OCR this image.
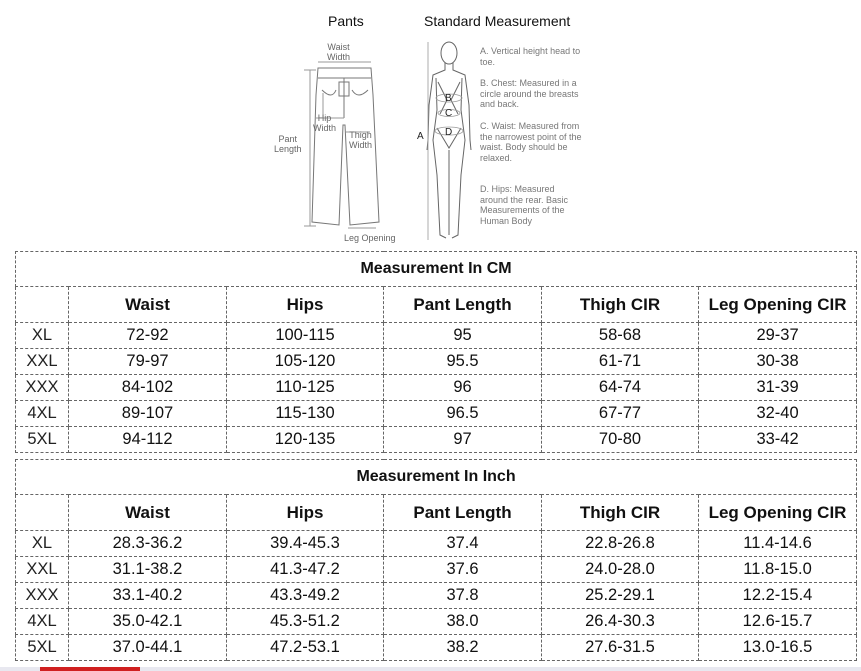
Pants	Standard Measurement
Waist
Width
Hip
Width
Pant
Length
Thigh
Width
Leg Opening
A
B
C
D
A. Vertical height head to toe.
B. Chest: Measured in a circle around the breasts and back.
C. Waist: Measured from the narrowest point of the waist. Body should be relaxed.
D. Hips: Measured around the rear. Basic Measurements of the Human Body
Measurement In CM					
	Waist	Hips	Pant Length	Thigh CIR	Leg Opening CIR
XL	72-92	100-115	95	58-68	29-37
XXL	79-97	105-120	95.5	61-71	30-38
XXX	84-102	110-125	96	64-74	31-39
4XL	89-107	115-130	96.5	67-77	32-40
5XL	94-112	120-135	97	70-80	33-42
Measurement In Inch					
	Waist	Hips	Pant Length	Thigh CIR	Leg Opening CIR
XL	28.3-36.2	39.4-45.3	37.4	22.8-26.8	11.4-14.6
XXL	31.1-38.2	41.3-47.2	37.6	24.0-28.0	11.8-15.0
XXX	33.1-40.2	43.3-49.2	37.8	25.2-29.1	12.2-15.4
4XL	35.0-42.1	45.3-51.2	38.0	26.4-30.3	12.6-15.7
5XL	37.0-44.1	47.2-53.1	38.2	27.6-31.5	13.0-16.5
